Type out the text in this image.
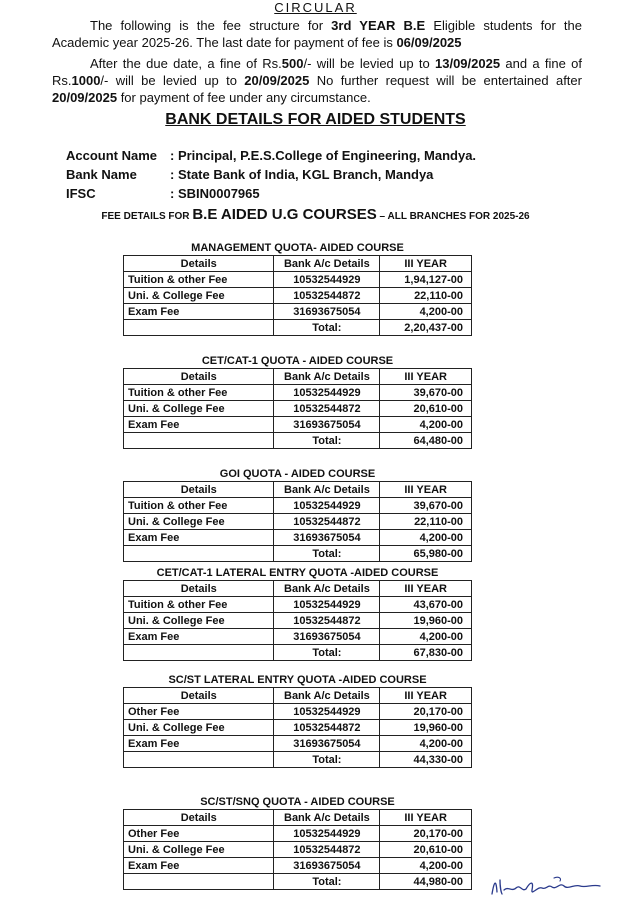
CIRCULAR

The following is the fee structure for 3rd YEAR B.E Eligible students for the Academic year 2025-26. The last date for payment of fee is 06/09/2025

After the due date, a fine of Rs.500/- will be levied up to 13/09/2025 and a fine of Rs.1000/- will be levied up to 20/09/2025 No further request will be entertained after 20/09/2025 for payment of fee under any circumstance.

BANK DETAILS FOR AIDED STUDENTS
Account Name : Principal, P.E.S.College of Engineering, Mandya.
Bank Name	: State Bank of India, KGL Branch, Mandya
IFSC	: SBIN0007965
FEE DETAILS FOR B.E AIDED U.G COURSES – ALL BRANCHES FOR 2025-26
MANAGEMENT QUOTA- AIDED COURSE
Details	Bank A/c Details	III YEAR
Tuition & other Fee	10532544929	1,94,127-00
Uni. & College Fee	10532544872	22,110-00
Exam Fee	31693675054	4,200-00
	Total:	2,20,437-00
CET/CAT-1 QUOTA - AIDED COURSE
Details	Bank A/c Details	III YEAR
Tuition & other Fee	10532544929	39,670-00
Uni. & College Fee	10532544872	20,610-00
Exam Fee	31693675054	4,200-00
	Total:	64,480-00
GOI QUOTA - AIDED COURSE
Details	Bank A/c Details	III YEAR
Tuition & other Fee	10532544929	39,670-00
Uni. & College Fee	10532544872	22,110-00
Exam Fee	31693675054	4,200-00
	Total:	65,980-00
CET/CAT-1 LATERAL ENTRY QUOTA -AIDED COURSE
Details	Bank A/c Details	III YEAR
Tuition & other Fee	10532544929	43,670-00
Uni. & College Fee	10532544872	19,960-00
Exam Fee	31693675054	4,200-00
	Total:	67,830-00
SC/ST LATERAL ENTRY QUOTA -AIDED COURSE
Details	Bank A/c Details	III YEAR
Other Fee	10532544929	20,170-00
Uni. & College Fee	10532544872	19,960-00
Exam Fee	31693675054	4,200-00
	Total:	44,330-00
SC/ST/SNQ QUOTA - AIDED COURSE
Details	Bank A/c Details	III YEAR
Other Fee	10532544929	20,170-00
Uni. & College Fee	10532544872	20,610-00
Exam Fee	31693675054	4,200-00
	Total:	44,980-00
